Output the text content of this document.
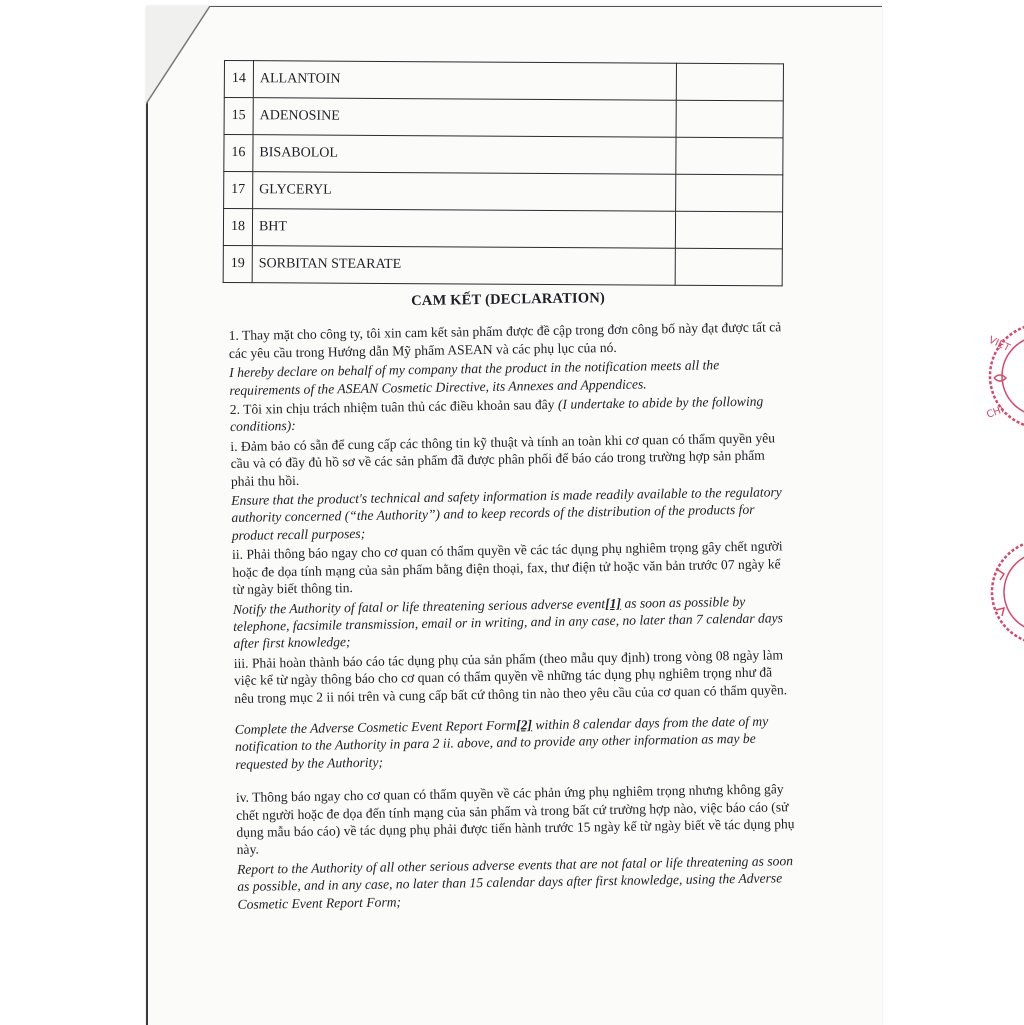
14	ALLANTOIN	
15	ADENOSINE	
16	BISABOLOL	
17	GLYCERYL	
18	BHT	
19	SORBITAN STEARATE	
CAM KẾT (DECLARATION)

1. Thay mặt cho công ty, tôi xin cam kết sản phẩm được đề cập trong đơn công bố này đạt được tất cả các yêu cầu trong Hướng dẫn Mỹ phẩm ASEAN và các phụ lục của nó.

I hereby declare on behalf of my company that the product in the notification meets all the requirements of the ASEAN Cosmetic Directive, its Annexes and Appendices.

2. Tôi xin chịu trách nhiệm tuân thủ các điều khoản sau đây (I undertake to abide by the following conditions):

i. Đảm bảo có sẵn để cung cấp các thông tin kỹ thuật và tính an toàn khi cơ quan có thẩm quyền yêu cầu và có đầy đủ hồ sơ về các sản phẩm đã được phân phối để báo cáo trong trường hợp sản phẩm phải thu hồi.

Ensure that the product's technical and safety information is made readily available to the regulatory authority concerned (“the Authority”) and to keep records of the distribution of the products for product recall purposes;

ii. Phải thông báo ngay cho cơ quan có thẩm quyền về các tác dụng phụ nghiêm trọng gây chết người hoặc đe dọa tính mạng của sản phẩm bằng điện thoại, fax, thư điện tử hoặc văn bản trước 07 ngày kể từ ngày biết thông tin.

Notify the Authority of fatal or life threatening serious adverse event[1] as soon as possible by telephone, facsimile transmission, email or in writing, and in any case, no later than 7 calendar days after first knowledge;

iii. Phải hoàn thành báo cáo tác dụng phụ của sản phẩm (theo mẫu quy định) trong vòng 08 ngày làm việc kể từ ngày thông báo cho cơ quan có thẩm quyền về những tác dụng phụ nghiêm trọng như đã nêu trong mục 2 ii nói trên và cung cấp bất cứ thông tin nào theo yêu cầu của cơ quan có thẩm quyền.

Complete the Adverse Cosmetic Event Report Form[2] within 8 calendar days from the date of my notification to the Authority in para 2 ii. above, and to provide any other information as may be requested by the Authority;

iv. Thông báo ngay cho cơ quan có thẩm quyền về các phản ứng phụ nghiêm trọng nhưng không gây chết người hoặc đe dọa đến tính mạng của sản phẩm và trong bất cứ trường hợp nào, việc báo cáo (sử dụng mẫu báo cáo) về tác dụng phụ phải được tiến hành trước 15 ngày kể từ ngày biết về tác dụng phụ này.

Report to the Authority of all other serious adverse events that are not fatal or life threatening as soon as possible, and in any case, no later than 15 calendar days after first knowledge, using the Adverse Cosmetic Event Report Form;

VIỆT
CHI
